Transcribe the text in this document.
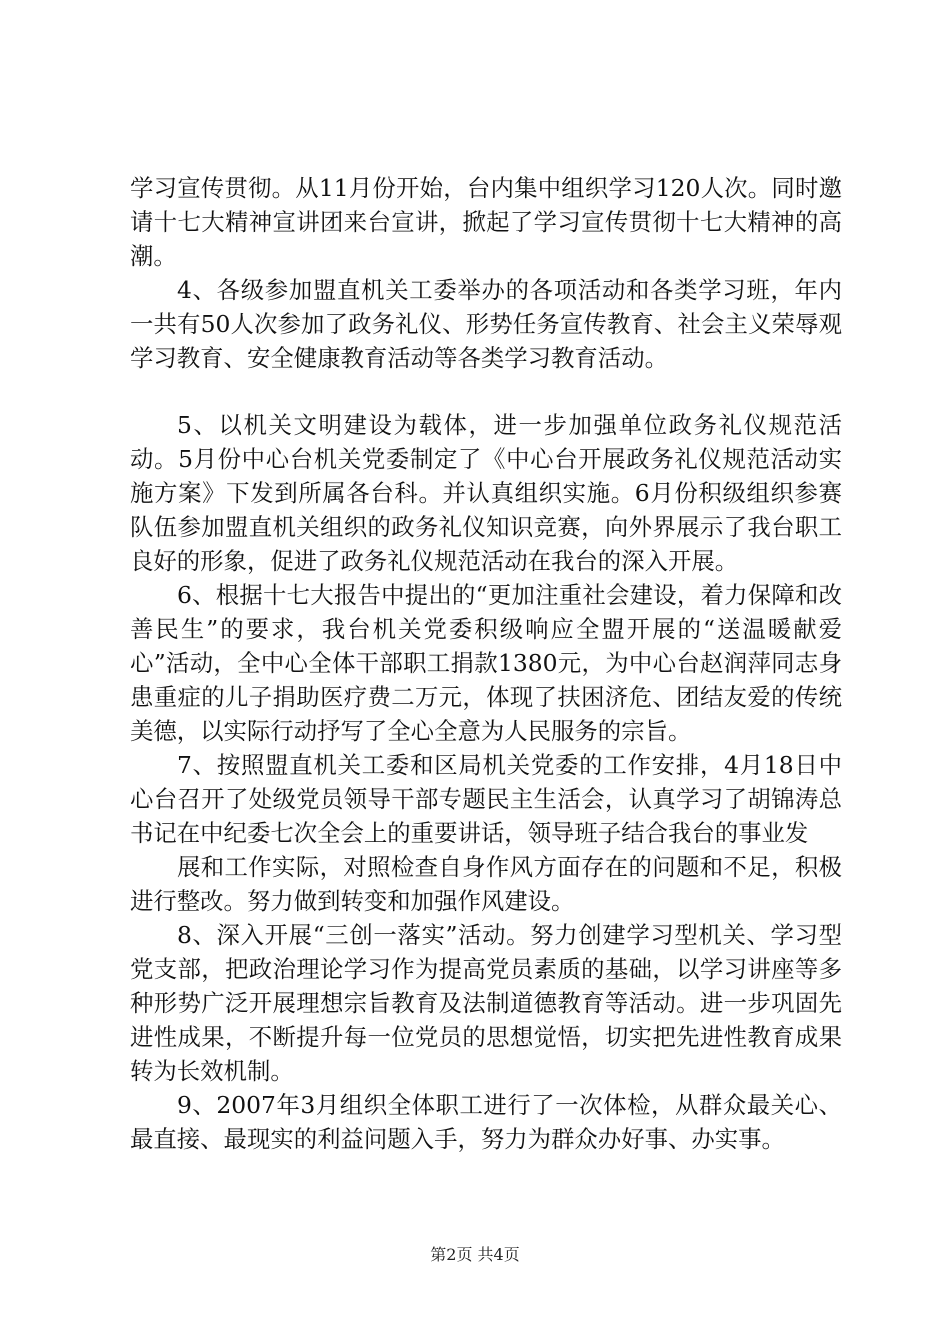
学习宣传贯彻。从11月份开始，台内集中组织学习120人次。同时邀请十七大精神宣讲团来台宣讲，掀起了学习宣传贯彻十七大精神的高潮。

4、各级参加盟直机关工委举办的各项活动和各类学习班，年内一共有50人次参加了政务礼仪、形势任务宣传教育、社会主义荣辱观学习教育、安全健康教育活动等各类学习教育活动。

5、以机关文明建设为载体，进一步加强单位政务礼仪规范活动。5月份中心台机关党委制定了《中心台开展政务礼仪规范活动实施方案》下发到所属各台科。并认真组织实施。6月份积级组织参赛队伍参加盟直机关组织的政务礼仪知识竞赛，向外界展示了我台职工良好的形象，促进了政务礼仪规范活动在我台的深入开展。

6、根据十七大报告中提出的“更加注重社会建设，着力保障和改善民生”的要求，我台机关党委积级响应全盟开展的“送温暖献爱心”活动，全中心全体干部职工捐款1380元，为中心台赵润萍同志身患重症的儿子捐助医疗费二万元，体现了扶困济危、团结友爱的传统美德，以实际行动抒写了全心全意为人民服务的宗旨。

7、按照盟直机关工委和区局机关党委的工作安排，4月18日中心台召开了处级党员领导干部专题民主生活会，认真学习了胡锦涛总书记在中纪委七次全会上的重要讲话，领导班子结合我台的事业发

展和工作实际，对照检查自身作风方面存在的问题和不足，积极进行整改。努力做到转变和加强作风建设。

8、深入开展“三创一落实”活动。努力创建学习型机关、学习型党支部，把政治理论学习作为提高党员素质的基础，以学习讲座等多种形势广泛开展理想宗旨教育及法制道德教育等活动。进一步巩固先进性成果，不断提升每一位党员的思想觉悟，切实把先进性教育成果转为长效机制。

9、2007年3月组织全体职工进行了一次体检，从群众最关心、最直接、最现实的利益问题入手，努力为群众办好事、办实事。

第2页 共4页
